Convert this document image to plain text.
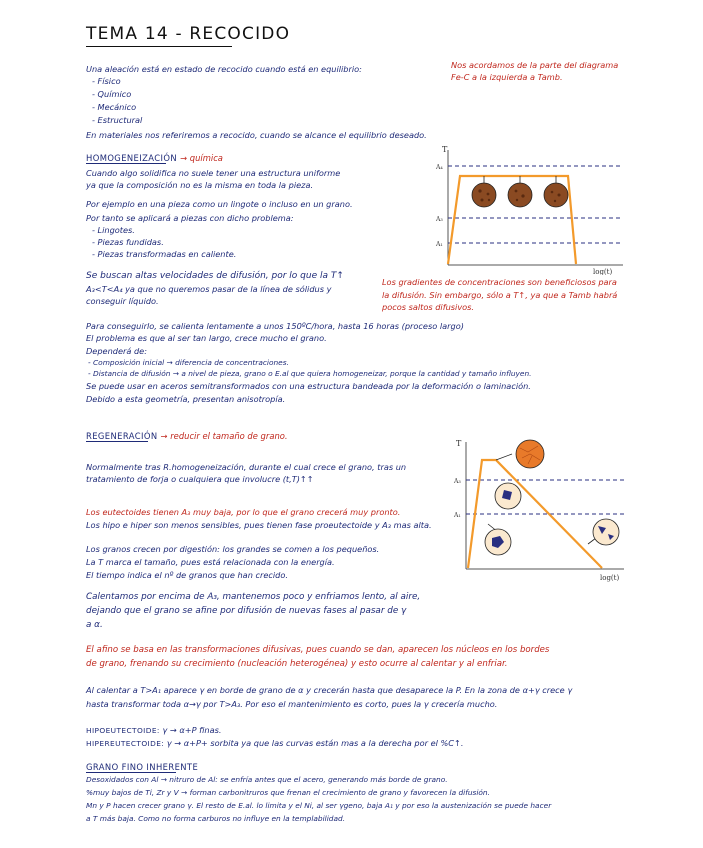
TEMA 14 - RECOCIDO
Una aleación está en estado de recocido cuando está en equilibrio:	Nos acordamos de la parte del diagrama
Fe-C a la izquierda a Tamb.
- Físico
- Químico
- Mecánico
- Estructural
En materiales nos referiremos a recocido, cuando se alcance el equilibrio deseado.
HOMOGENEIZACIÓN → química
Cuando algo solidifica no suele tener una estructura uniforme
ya que la composición no es la misma en toda la pieza.
Por ejemplo en una pieza como un lingote o incluso en un grano.
Por tanto se aplicará a piezas con dicho problema:
- Lingotes.
- Piezas fundidas.
- Piezas transformadas en caliente.
Se buscan altas velocidades de difusión, por lo que la T↑
A₃<T<A₄ ya que no queremos pasar de la línea de sólidus y
conseguir líquido.
Los gradientes de concentraciones son beneficiosos para
la difusión. Sin embargo, sólo a T↑, ya que a Tamb habrá
pocos saltos difusivos.
Para conseguirlo, se calienta lentamente a unos 150ºC/hora, hasta 16 horas (proceso largo)
El problema es que al ser tan largo, crece mucho el grano.
Dependerá de:
- Composición inicial → diferencia de concentraciones.
- Distancia de difusión → a nivel de pieza, grano o E.al que quiera homogeneizar, porque la cantidad y tamaño influyen.
Se puede usar en aceros semitransformados con una estructura bandeada por la deformación o laminación.
Debido a esta geometría, presentan anisotropía.
T
log(t)
A₄
A₃
A₁
REGENERACIÓN → reducir el tamaño de grano.
Normalmente tras R.homogeneización, durante el cual crece el grano, tras un
tratamiento de forja o cualquiera que involucre (t,T)↑↑
Los eutectoides tienen A₃ muy baja, por lo que el grano crecerá muy pronto.
Los hipo e hiper son menos sensibles, pues tienen fase proeutectoide y A₃ mas alta.
Los granos crecen por digestión: los grandes se comen a los pequeños.
La T marca el tamaño, pues está relacionada con la energía.
El tiempo indica el nº de granos que han crecido.
Calentamos por encima de A₃, mantenemos poco y enfriamos lento, al aire,
dejando que el grano se afine por difusión de nuevas fases al pasar de γ
a α.
El afino se basa en las transformaciones difusivas, pues cuando se dan, aparecen los núcleos en los bordes
de grano, frenando su crecimiento (nucleación heterogénea) y esto ocurre al calentar y al enfriar.
Al calentar a T>A₁ aparece γ en borde de grano de α y crecerán hasta que desaparece la P. En la zona de α+γ crece γ
hasta transformar toda α→γ por T>A₃. Por eso el mantenimiento es corto, pues la γ crecería mucho.
HIPOEUTECTOIDE: γ → α+P finas.
HIPEREUTECTOIDE: γ → α+P+ sorbita ya que las curvas están mas a la derecha por el %C↑.
T
log(t)
A₃
A₁
GRANO FINO INHERENTE
Desoxidados con Al → nitruro de Al: se enfría antes que el acero, generando más borde de grano.
%muy bajos de Ti, Zr y V → forman carbonitruros que frenan el crecimiento de grano y favorecen la difusión.
Mn y P hacen crecer grano γ. El resto de E.al. lo limita y el Ni, al ser γgeno, baja A₁ y por eso la austenización se puede hacer
a T más baja. Como no forma carburos no influye en la templabilidad.
